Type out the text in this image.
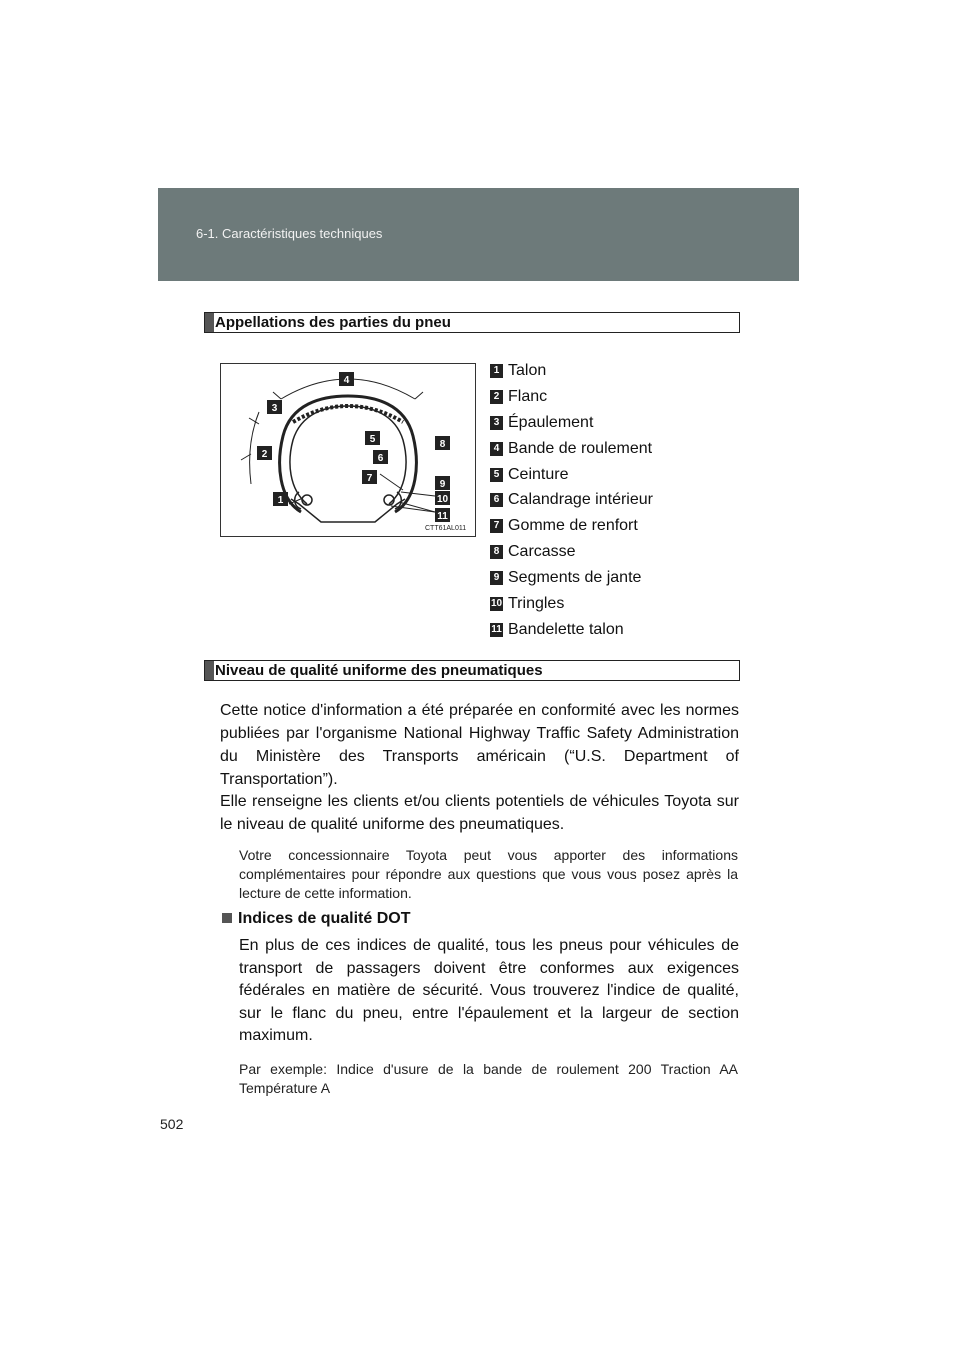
6-1. Caractéristiques techniques
Appellations des parties du pneu
4
3
5	8
2	6
7
9
1	10
11
CTT61AL011
1 Talon
2 Flanc
3 Épaulement
4 Bande de roulement
5 Ceinture
6 Calandrage intérieur
7 Gomme de renfort
8 Carcasse
9 Segments de jante
10 Tringles
11 Bandelette talon
Niveau de qualité uniforme des pneumatiques

Cette notice d'information a été préparée en conformité avec les normes publiées par l'organisme National Highway Traffic Safety Administration du Ministère des Transports américain (“U.S. Department of Transportation”).

Elle renseigne les clients et/ou clients potentiels de véhicules Toyota sur le niveau de qualité uniforme des pneumatiques.

Votre concessionnaire Toyota peut vous apporter des informations complémentaires pour répondre aux questions que vous vous posez après la lecture de cette information.

Indices de qualité DOT

En plus de ces indices de qualité, tous les pneus pour véhicules de transport de passagers doivent être conformes aux exigences fédérales en matière de sécurité. Vous trouverez l'indice de qualité, sur le flanc du pneu, entre l'épaulement et la largeur de section maximum.

Par exemple: Indice d'usure de la bande de roulement 200 Traction AA Température A

502
